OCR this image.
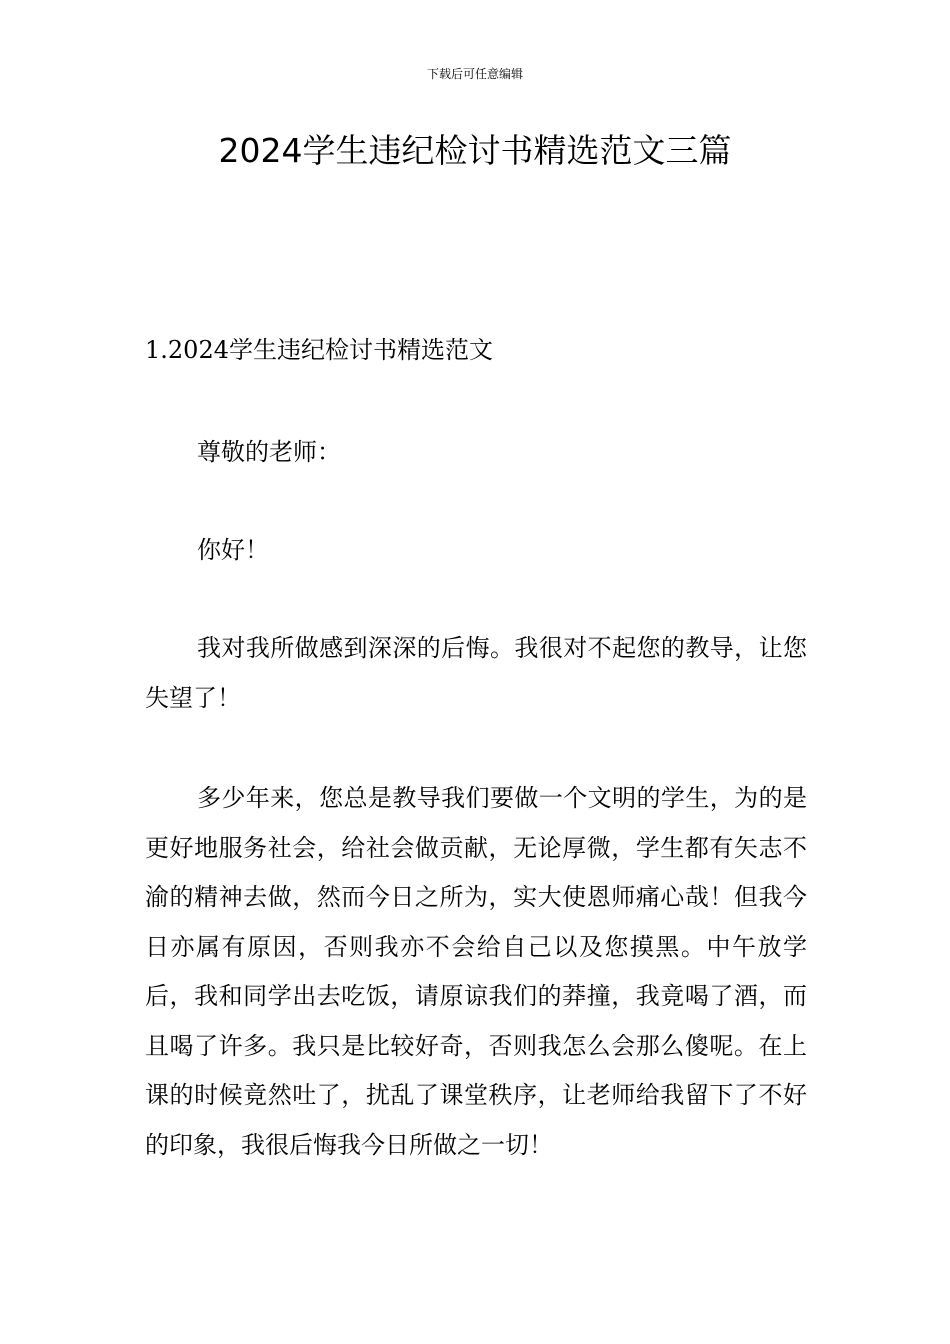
下载后可任意编辑
2024学生违纪检讨书精选范文三篇
1.2024学生违纪检讨书精选范文

尊敬的老师：

你好！

我对我所做感到深深的后悔。我很对不起您的教导，让您失望了！

多少年来，您总是教导我们要做一个文明的学生，为的是更好地服务社会，给社会做贡献，无论厚微，学生都有矢志不渝的精神去做，然而今日之所为，实大使恩师痛心哉！但我今日亦属有原因，否则我亦不会给自己以及您摸黑。中午放学后，我和同学出去吃饭，请原谅我们的莽撞，我竟喝了酒，而且喝了许多。我只是比较好奇，否则我怎么会那么傻呢。在上课的时候竟然吐了，扰乱了课堂秩序，让老师给我留下了不好的印象，我很后悔我今日所做之一切！
